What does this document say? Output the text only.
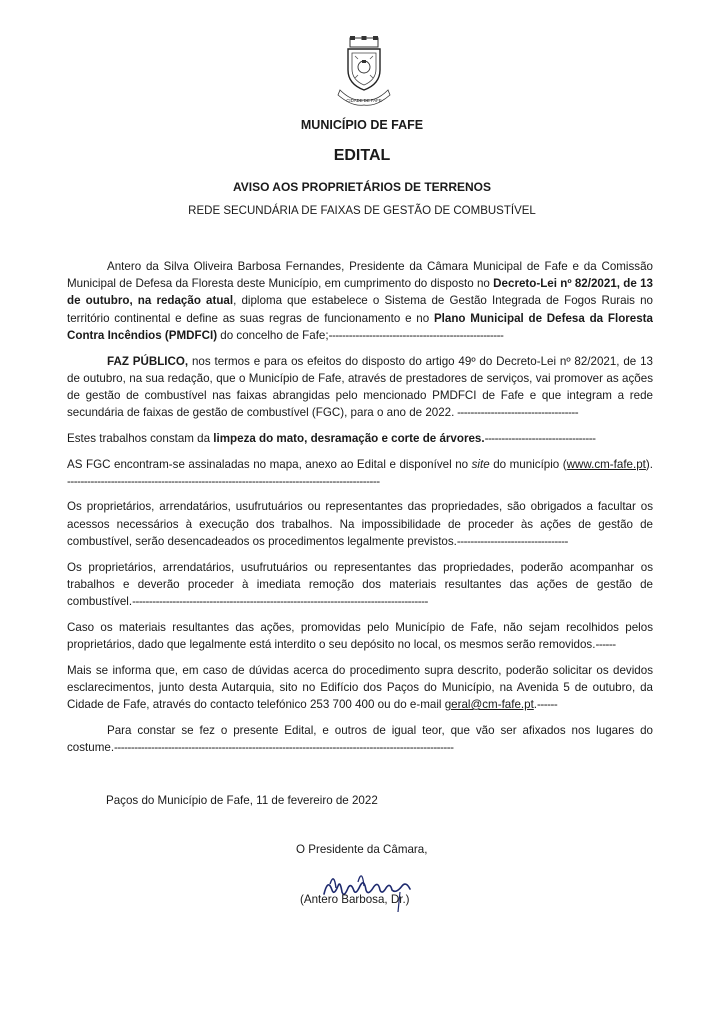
CIDADE DE FAFE
MUNICÍPIO DE FAFE
EDITAL
AVISO AOS PROPRIETÁRIOS DE TERRENOS
REDE SECUNDÁRIA DE FAIXAS DE GESTÃO DE COMBUSTÍVEL

Antero da Silva Oliveira Barbosa Fernandes, Presidente da Câmara Municipal de Fafe e da Comissão Municipal de Defesa da Floresta deste Município, em cumprimento do disposto no Decreto-Lei nº 82/2021, de 13 de outubro, na redação atual, diploma que estabelece o Sistema de Gestão Integrada de Fogos Rurais no território continental e define as suas regras de funcionamento e no Plano Municipal de Defesa da Floresta Contra Incêndios (PMDFCI) do concelho de Fafe;----------------------------------------------------

FAZ PÚBLICO, nos termos e para os efeitos do disposto do artigo 49º do Decreto-Lei nº 82/2021, de 13 de outubro, na sua redação, que o Município de Fafe, através de prestadores de serviços, vai promover as ações de gestão de combustível nas faixas abrangidas pelo mencionado PMDFCI de Fafe e que integram a rede secundária de faixas de gestão de combustível (FGC), para o ano de 2022. ------------------------------------

Estes trabalhos constam da limpeza do mato, desramação e corte de árvores.---------------------------------

AS FGC encontram-se assinaladas no mapa, anexo ao Edital e disponível no site do município (www.cm-fafe.pt). ---------------------------------------------------------------------------------------------

Os proprietários, arrendatários, usufrutuários ou representantes das propriedades, são obrigados a facultar os acessos necessários à execução dos trabalhos. Na impossibilidade de proceder às ações de gestão de combustível, serão desencadeados os procedimentos legalmente previstos.---------------------------------

Os proprietários, arrendatários, usufrutuários ou representantes das propriedades, poderão acompanhar os trabalhos e deverão proceder à imediata remoção dos materiais resultantes das ações de gestão de combustível.----------------------------------------------------------------------------------------

Caso os materiais resultantes das ações, promovidas pelo Município de Fafe, não sejam recolhidos pelos proprietários, dado que legalmente está interdito o seu depósito no local, os mesmos serão removidos.------

Mais se informa que, em caso de dúvidas acerca do procedimento supra descrito, poderão solicitar os devidos esclarecimentos, junto desta Autarquia, sito no Edifício dos Paços do Município, na Avenida 5 de outubro, da Cidade de Fafe, através do contacto telefónico 253 700 400 ou do e-mail geral@cm-fafe.pt.------

Para constar se fez o presente Edital, e outros de igual teor, que vão ser afixados nos lugares do costume.-----------------------------------------------------------------------------------------------------

Paços do Município de Fafe, 11 de fevereiro de 2022
O Presidente da Câmara,
(Antero Barbosa, Dr.)
